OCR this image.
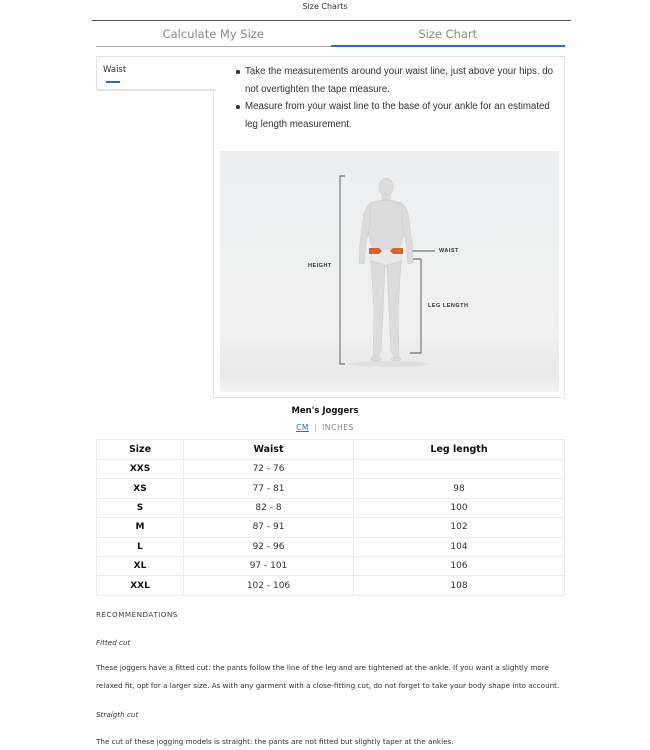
Size Charts
Calculate My Size	Size Chart
Take the measurements around your waist line, just above your hips. do not overtighten the tape measure.
Measure from your waist line to the base of your ankle for an estimated leg length measurement.
HEIGHT
WAIST
LEG LENGTH
Waist
Men's Joggers
CM | INCHES
Size	Waist	Leg length
XXS	72 - 76	
XS	77 - 81	98
S	82 - 8	100
M	87 - 91	102
L	92 - 96	104
XL	97 - 101	106
XXL	102 - 106	108
RECOMMENDATIONS
Fitted cut
These joggers have a fitted cut: the pants follow the line of the leg and are tightened at the ankle. If you want a slightly more relaxed fit, opt for a larger size. As with any garment with a close-fitting cut, do not forget to take your body shape into account.
Straigth cut
The cut of these jogging models is straight: the pants are not fitted but slightly taper at the ankles.
